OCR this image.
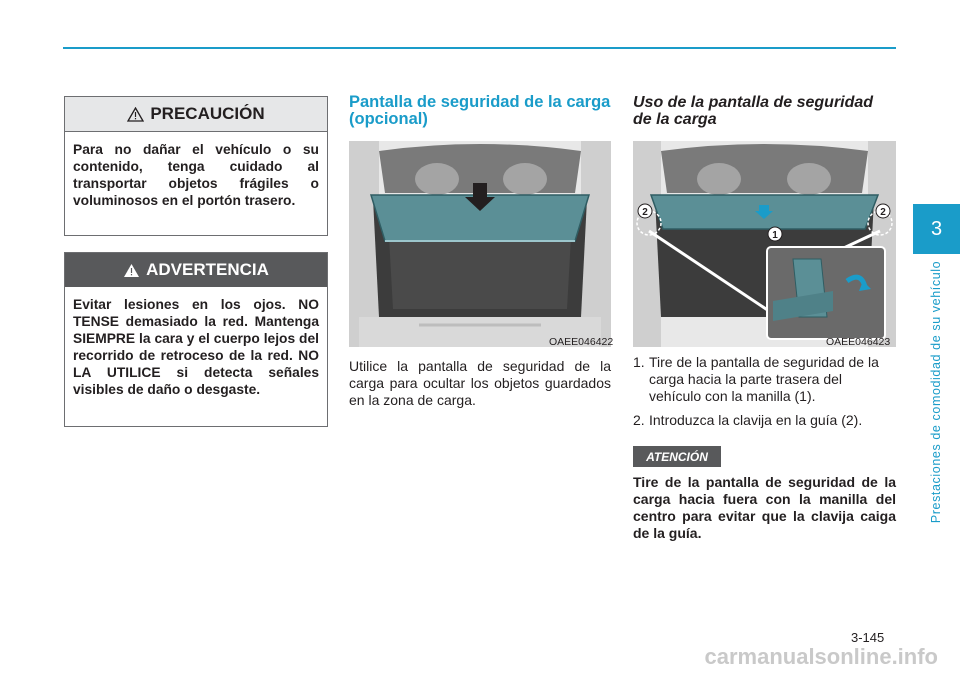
3
Prestaciones de comodidad de su vehículo
PRECAUCIÓN
Para no dañar el vehículo o su contenido, tenga cuidado al transportar objetos frágiles o voluminosos en el portón trasero.
ADVERTENCIA
Evitar lesiones en los ojos. NO TENSE demasiado la red. Mantenga SIEMPRE la cara y el cuerpo lejos del recorrido de retroceso de la red. NO LA UTILICE si detecta señales visibles de daño o desgaste.
Pantalla de seguridad de la carga (opcional)
OAEE046422
Utilice la pantalla de seguridad de la carga para ocultar los objetos guardados en la zona de carga.
Uso de la pantalla de seguridad de la carga
2
1
2
OAEE046423
1. Tire de la pantalla de seguridad de la carga hacia la parte trasera del vehículo con la manilla (1).
2. Introduzca la clavija en la guía (2).
ATENCIÓN
Tire de la pantalla de seguridad de la carga hacia fuera con la manilla del centro para evitar que la clavija caiga de la guía.
3-145
carmanualsonline.info
